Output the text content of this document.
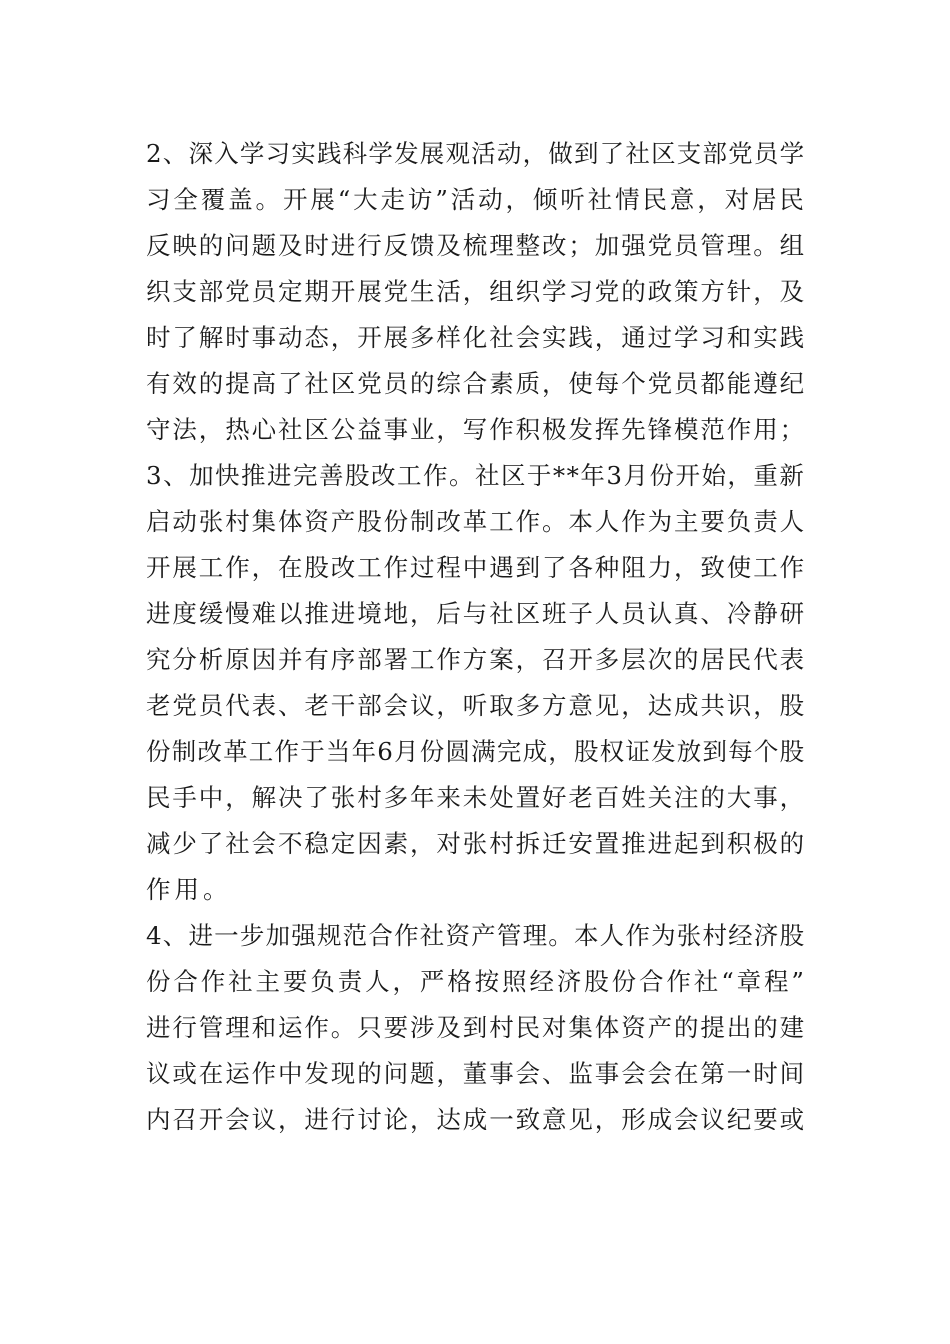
2、深入学习实践科学发展观活动，做到了社区支部党员学
习全覆盖。开展“大走访”活动，倾听社情民意，对居民
反映的问题及时进行反馈及梳理整改；加强党员管理。组
织支部党员定期开展党生活，组织学习党的政策方针，及
时了解时事动态，开展多样化社会实践，通过学习和实践
有效的提高了社区党员的综合素质，使每个党员都能遵纪
守法，热心社区公益事业，写作积极发挥先锋模范作用；
3、加快推进完善股改工作。社区于**年3月份开始，重新
启动张村集体资产股份制改革工作。本人作为主要负责人
开展工作，在股改工作过程中遇到了各种阻力，致使工作
进度缓慢难以推进境地，后与社区班子人员认真、冷静研
究分析原因并有序部署工作方案，召开多层次的居民代表
老党员代表、老干部会议，听取多方意见，达成共识，股
份制改革工作于当年6月份圆满完成，股权证发放到每个股
民手中，解决了张村多年来未处置好老百姓关注的大事，
减少了社会不稳定因素，对张村拆迁安置推进起到积极的
作用。
4、进一步加强规范合作社资产管理。本人作为张村经济股
份合作社主要负责人，严格按照经济股份合作社“章程”
进行管理和运作。只要涉及到村民对集体资产的提出的建
议或在运作中发现的问题，董事会、监事会会在第一时间
内召开会议，进行讨论，达成一致意见，形成会议纪要或
